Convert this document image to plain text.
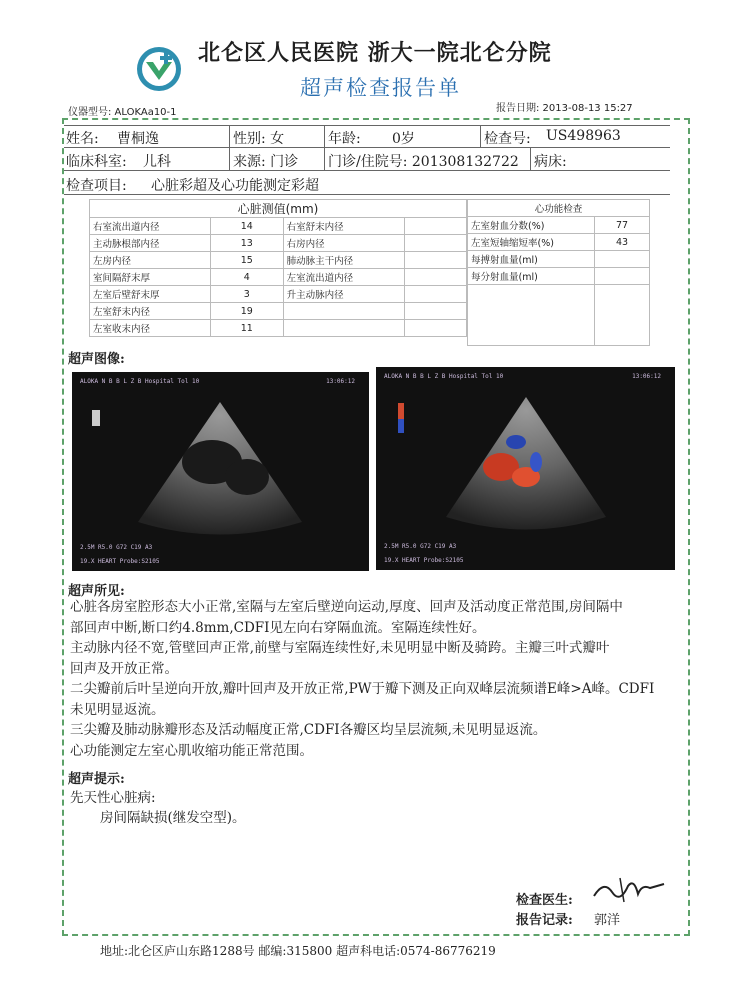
北仑区人民医院 浙大一院北仑分院
超声检查报告单
仪器型号: ALOKAa10-1	报告日期: 2013-08-13 15:27
姓名: 曹桐逸	性别: 女	年龄: 0岁	检查号: US498963
临床科室: 儿科	来源: 门诊 门诊/住院号: 201308132722 病床:
检查项目: 心脏彩超及心功能测定彩超
心脏测值(mm)			
右室流出道内径	14	右室舒末内径	
主动脉根部内径	13	右房内径	
左房内径	15	肺动脉主干内径	
室间隔舒末厚	4	左室流出道内径	
左室后壁舒末厚	3	升主动脉内径	
左室舒末内径	19		
左室收末内径	11		
心功能检查	
左室射血分数(%)	77
左室短轴缩短率(%)	43
每搏射血量(ml)	
每分射血量(ml)	

超声图像:
ALOKA N B B L Z B Hospital Tol 10	13:06:12
2.5M R5.0 G72 C19 A3
19.X HEART Probe:S2105
ALOKA N B B L Z B Hospital Tol 10	13:06:12
2.5M R5.0 G72 C19 A3
19.X HEART Probe:S2105
超声所见:
心脏各房室腔形态大小正常,室隔与左室后壁逆向运动,厚度、回声及活动度正常范围,房间隔中
部回声中断,断口约4.8mm,CDFI见左向右穿隔血流。室隔连续性好。
主动脉内径不宽,管壁回声正常,前壁与室隔连续性好,未见明显中断及骑跨。主瓣三叶式瓣叶
回声及开放正常。
二尖瓣前后叶呈逆向开放,瓣叶回声及开放正常,PW于瓣下测及正向双峰层流频谱E峰>A峰。CDFI
未见明显返流。
三尖瓣及肺动脉瓣形态及活动幅度正常,CDFI各瓣区均呈层流频,未见明显返流。
心功能测定左室心肌收缩功能正常范围。
超声提示:
先天性心脏病:
房间隔缺损(继发空型)。
检查医生:
报告记录: 郭洋
地址:北仑区庐山东路1288号 邮编:315800 超声科电话:0574-86776219
